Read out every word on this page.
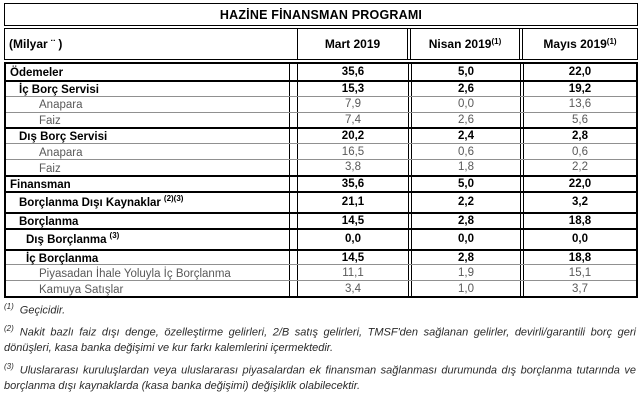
HAZİNE FİNANSMAN PROGRAMI
(Milyar ¨ )	Mart 2019	Nisan 2019 (1)	Mayıs 2019 (1)
Ödemeler	35,6	5,0	22,0
İç Borç Servisi	15,3	2,6	19,2
Anapara	7,9	0,0	13,6
Faiz	7,4	2,6	5,6
Dış Borç Servisi	20,2	2,4	2,8
Anapara	16,5	0,6	0,6
Faiz	3,8	1,8	2,2
Finansman	35,6	5,0	22,0
Borçlanma Dışı Kaynaklar $^{(2)(3)}$	21,1	2,2	3,2
Borçlanma	14,5	2,8	18,8
Dış Borçlanma $^{(3)}$	0,0	0,0	0,0
İç Borçlanma	14,5	2,8	18,8
Piyasadan İhale Yoluyla İç Borçlanma	11,1	1,9	15,1
Kamuya Satışlar	3,4	1,0	3,7
$^{(1)}$ Geçicidir.
$^{(2)}$ Nakit bazlı faiz dışı denge, özelleştirme gelirleri, 2/B satış gelirleri, TMSF'den sağlanan gelirler, devirli/garantili borç geri dönüşleri, kasa banka değişimi ve kur farkı kalemlerini içermektedir.
$^{(3)}$ Uluslararası kuruluşlardan veya uluslararası piyasalardan ek finansman sağlanması durumunda dış borçlanma tutarında ve borçlanma dışı kaynaklarda (kasa banka değişimi) değişiklik olabilecektir.
